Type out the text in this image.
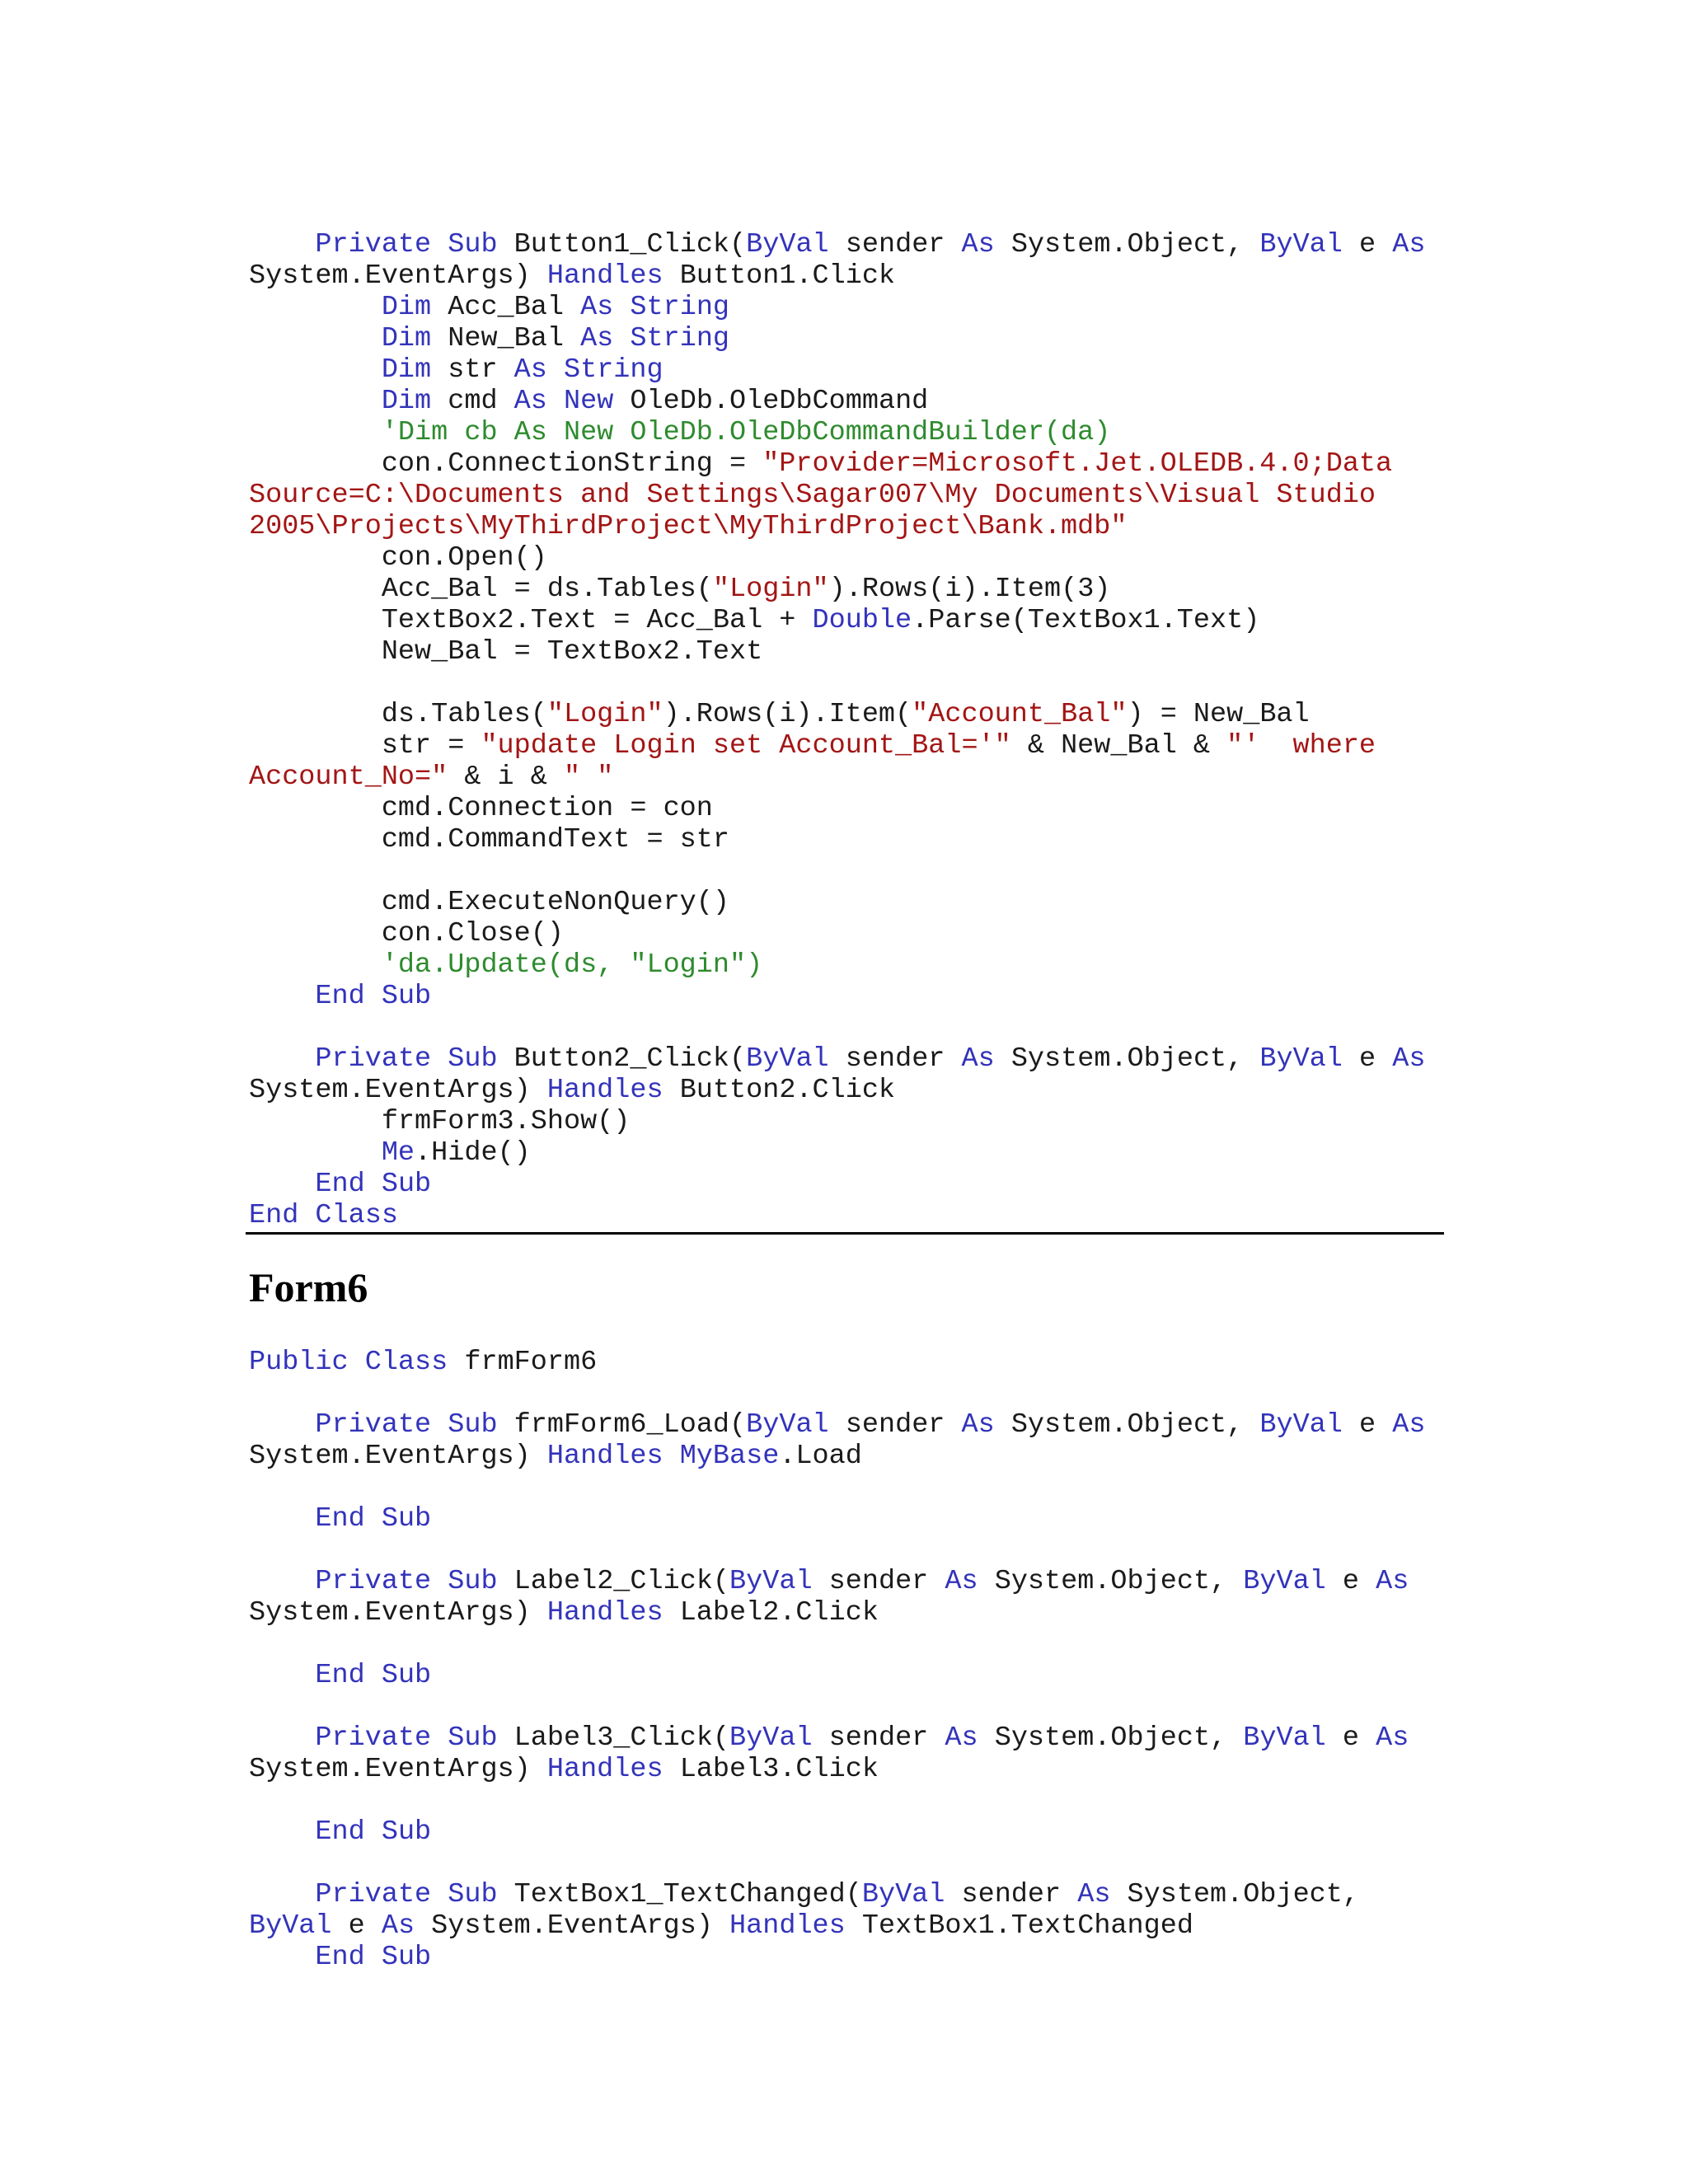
Private Sub Button1_Click(ByVal sender As System.Object, ByVal e As
System.EventArgs) Handles Button1.Click
Dim Acc_Bal As String
Dim New_Bal As String
Dim str As String
Dim cmd As New OleDb.OleDbCommand
'Dim cb As New OleDb.OleDbCommandBuilder(da)
con.ConnectionString = "Provider=Microsoft.Jet.OLEDB.4.0;Data
Source=C:\Documents and Settings\Sagar007\My Documents\Visual Studio
2005\Projects\MyThirdProject\MyThirdProject\Bank.mdb"
con.Open()
Acc_Bal = ds.Tables("Login").Rows(i).Item(3)
TextBox2.Text = Acc_Bal + Double.Parse(TextBox1.Text)
New_Bal = TextBox2.Text
ds.Tables("Login").Rows(i).Item("Account_Bal") = New_Bal
str = "update Login set Account_Bal='" & New_Bal & "'  where
Account_No=" & i & " "
cmd.Connection = con
cmd.CommandText = str
cmd.ExecuteNonQuery()
con.Close()
'da.Update(ds, "Login")
End Sub
Private Sub Button2_Click(ByVal sender As System.Object, ByVal e As
System.EventArgs) Handles Button2.Click
frmForm3.Show()
Me.Hide()
End Sub
End Class
Form6
Public Class frmForm6
Private Sub frmForm6_Load(ByVal sender As System.Object, ByVal e As
System.EventArgs) Handles MyBase.Load
End Sub
Private Sub Label2_Click(ByVal sender As System.Object, ByVal e As
System.EventArgs) Handles Label2.Click
End Sub
Private Sub Label3_Click(ByVal sender As System.Object, ByVal e As
System.EventArgs) Handles Label3.Click
End Sub
Private Sub TextBox1_TextChanged(ByVal sender As System.Object,
ByVal e As System.EventArgs) Handles TextBox1.TextChanged
End Sub
